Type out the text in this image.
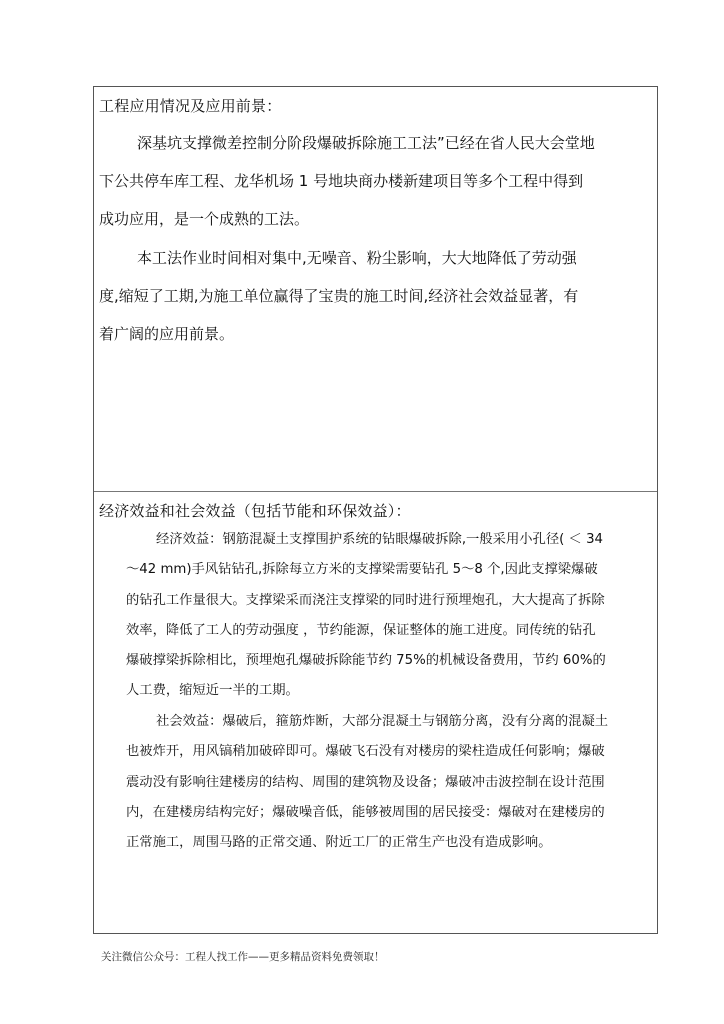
工程应用情况及应用前景：
深基坑支撑微差控制分阶段爆破拆除施工工法”已经在省人民大会堂地
下公共停车库工程、龙华机场 1 号地块商办楼新建项目等多个工程中得到
成功应用，是一个成熟的工法。
本工法作业时间相对集中,无噪音、粉尘影响，大大地降低了劳动强
度,缩短了工期,为施工单位赢得了宝贵的施工时间,经济社会效益显著，有
着广阔的应用前景。
经济效益和社会效益（包括节能和环保效益）：
经济效益：钢筋混凝土支撑围护系统的钻眼爆破拆除,一般采用小孔径( ＜ 34
～42 mm)手风钻钻孔,拆除每立方米的支撑梁需要钻孔 5～8 个,因此支撑梁爆破
的钻孔工作量很大。支撑梁采而浇注支撑梁的同时进行预埋炮孔，大大提高了拆除
效率，降低了工人的劳动强度 ，节约能源，保证整体的施工进度。同传统的钻孔
爆破撑梁拆除相比，预埋炮孔爆破拆除能节约 75%的机械设备费用，节约 60%的
人工费，缩短近一半的工期。
社会效益：爆破后，箍筋炸断，大部分混凝土与钢筋分离，没有分离的混凝土
也被炸开，用风镐稍加破碎即可。爆破飞石没有对楼房的梁柱造成任何影响；爆破
震动没有影响往建楼房的结构、周围的建筑物及设备；爆破冲击波控制在设计范围
内，在建楼房结构完好；爆破噪音低，能够被周围的居民接受：爆破对在建楼房的
正常施工，周围马路的正常交通、附近工厂的正常生产也没有造成影响。
关注微信公众号：工程人找工作——更多精品资料免费领取！
